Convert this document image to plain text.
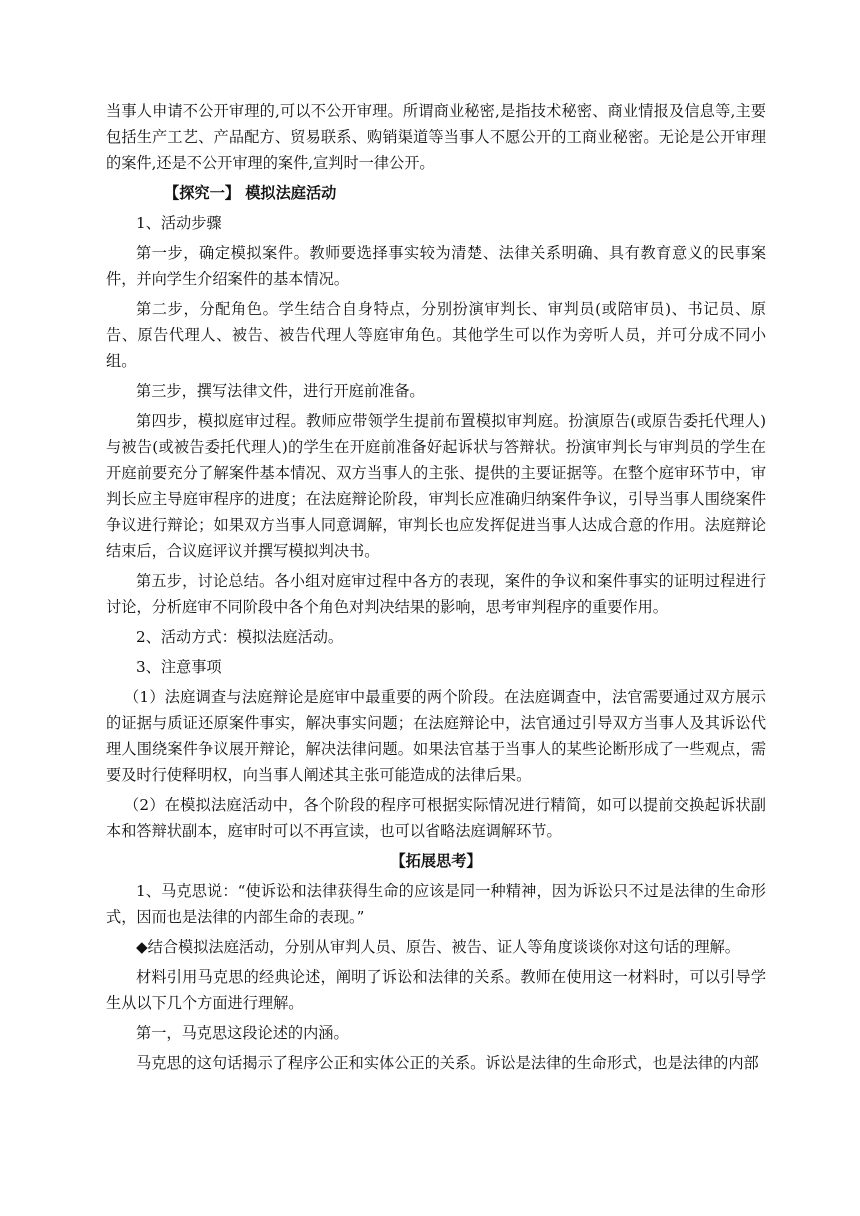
当事人申请不公开审理的,可以不公开审理。所谓商业秘密,是指技术秘密、商业情报及信息等,主要包括生产工艺、产品配方、贸易联系、购销渠道等当事人不愿公开的工商业秘密。无论是公开审理的案件,还是不公开审理的案件,宣判时一律公开。

【探究一】 模拟法庭活动

1、活动步骤

第一步，确定模拟案件。教师要选择事实较为清楚、法律关系明确、具有教育意义的民事案件，并向学生介绍案件的基本情况。

第二步，分配角色。学生结合自身特点，分别扮演审判长、审判员(或陪审员)、书记员、原告、原告代理人、被告、被告代理人等庭审角色。其他学生可以作为旁听人员，并可分成不同小组。

第三步，撰写法律文件，进行开庭前准备。

第四步，模拟庭审过程。教师应带领学生提前布置模拟审判庭。扮演原告(或原告委托代理人)与被告(或被告委托代理人)的学生在开庭前准备好起诉状与答辩状。扮演审判长与审判员的学生在开庭前要充分了解案件基本情况、双方当事人的主张、提供的主要证据等。在整个庭审环节中，审判长应主导庭审程序的进度；在法庭辩论阶段，审判长应准确归纳案件争议，引导当事人围绕案件争议进行辩论；如果双方当事人同意调解，审判长也应发挥促进当事人达成合意的作用。法庭辩论结束后，合议庭评议并撰写模拟判决书。

第五步，讨论总结。各小组对庭审过程中各方的表现，案件的争议和案件事实的证明过程进行讨论，分析庭审不同阶段中各个角色对判决结果的影响，思考审判程序的重要作用。

2、活动方式：模拟法庭活动。

3、注意事项

（1）法庭调查与法庭辩论是庭审中最重要的两个阶段。在法庭调查中，法官需要通过双方展示的证据与质证还原案件事实，解决事实问题；在法庭辩论中，法官通过引导双方当事人及其诉讼代理人围绕案件争议展开辩论，解决法律问题。如果法官基于当事人的某些论断形成了一些观点，需要及时行使释明权，向当事人阐述其主张可能造成的法律后果。

（2）在模拟法庭活动中，各个阶段的程序可根据实际情况进行精简，如可以提前交换起诉状副本和答辩状副本，庭审时可以不再宣读，也可以省略法庭调解环节。

【拓展思考】

1、马克思说：“使诉讼和法律获得生命的应该是同一种精神，因为诉讼只不过是法律的生命形式，因而也是法律的内部生命的表现。”

◆结合模拟法庭活动，分别从审判人员、原告、被告、证人等角度谈谈你对这句话的理解。

材料引用马克思的经典论述，阐明了诉讼和法律的关系。教师在使用这一材料时，可以引导学生从以下几个方面进行理解。

第一，马克思这段论述的内涵。

马克思的这句话揭示了程序公正和实体公正的关系。诉讼是法律的生命形式，也是法律的内部
